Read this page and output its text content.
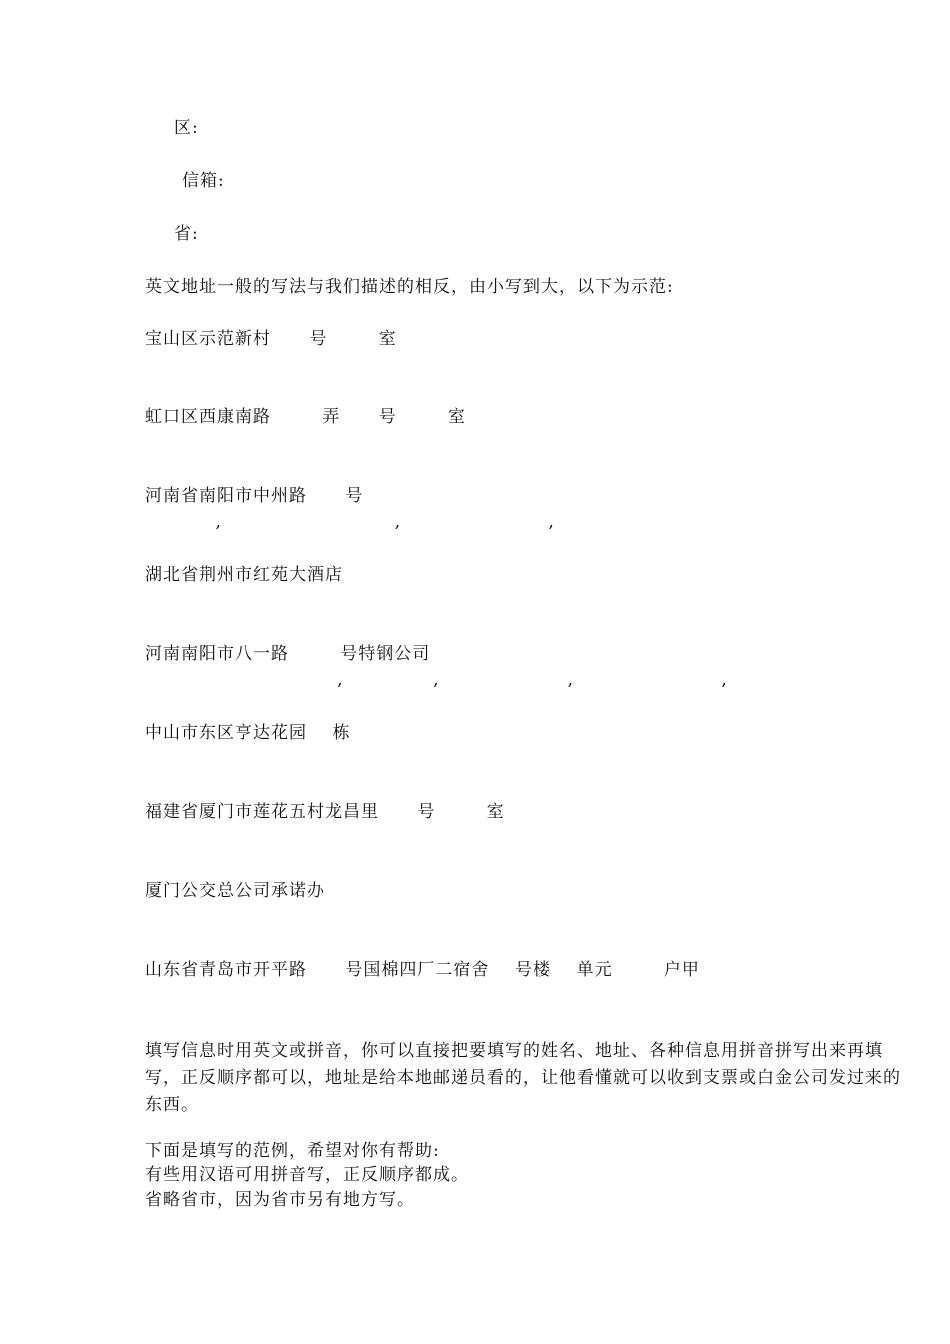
区:
信箱:
省:
英文地址一般的写法与我们描述的相反，由小写到大，以下为示范:
宝山区示范新村      号        室
虹口区西康南路        弄      号        室
河南省南阳市中州路      号
,                           ,                       ,
湖北省荆州市红苑大酒店
河南南阳市八一路        号特钢公司
,              ,                    ,                       ,
中山市东区亨达花园    栋
福建省厦门市莲花五村龙昌里      号        室
厦门公交总公司承诺办
山东省青岛市开平路      号国棉四厂二宿舍    号楼    单元        户甲
填写信息时用英文或拼音，你可以直接把要填写的姓名、地址、各种信息用拼音拼写出来再填写，正反顺序都可以，地址是给本地邮递员看的，让他看懂就可以收到支票或白金公司发过来的东西。
下面是填写的范例，希望对你有帮助:
有些用汉语可用拼音写，正反顺序都成。
省略省市，因为省市另有地方写。
